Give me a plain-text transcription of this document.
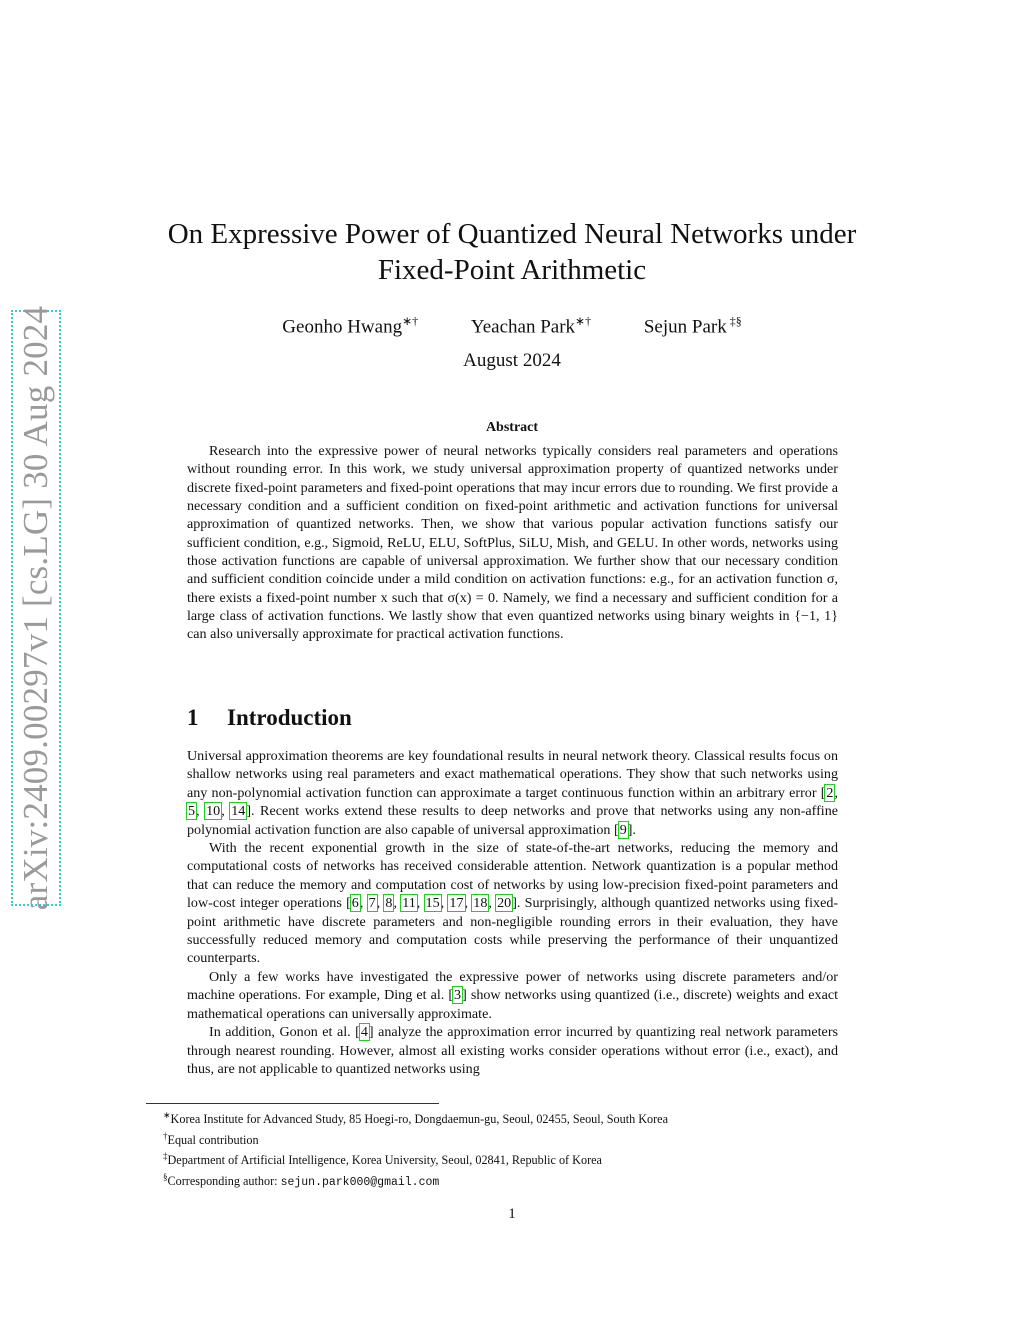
arXiv:2409.00297v1 [cs.LG] 30 Aug 2024
On Expressive Power of Quantized Neural Networks under Fixed-Point Arithmetic
Geonho Hwang∗†	Yeachan Park∗†	Sejun Park ‡§
August 2024
Abstract

Research into the expressive power of neural networks typically considers real parameters and operations without rounding error. In this work, we study universal approximation property of quantized networks under discrete fixed-point parameters and fixed-point operations that may incur errors due to rounding. We first provide a necessary condition and a sufficient condition on fixed-point arithmetic and activation functions for universal approximation of quantized networks. Then, we show that various popular activation functions satisfy our sufficient condition, e.g., Sigmoid, ReLU, ELU, SoftPlus, SiLU, Mish, and GELU. In other words, networks using those activation functions are capable of universal approximation. We further show that our necessary condition and sufficient condition coincide under a mild condition on activation functions: e.g., for an activation function σ, there exists a fixed-point number x such that σ(x) = 0. Namely, we find a necessary and sufficient condition for a large class of activation functions. We lastly show that even quantized networks using binary weights in {−1, 1} can also universally approximate for practical activation functions.

1 Introduction

Universal approximation theorems are key foundational results in neural network theory. Classical results focus on shallow networks using real parameters and exact mathematical operations. They show that such networks using any non-polynomial activation function can approximate a target continuous function within an arbitrary error [2, 5, 10, 14]. Recent works extend these results to deep networks and prove that networks using any non-affine polynomial activation function are also capable of universal approximation [9].

With the recent exponential growth in the size of state-of-the-art networks, reducing the memory and computational costs of networks has received considerable attention. Network quantization is a popular method that can reduce the memory and computation cost of networks by using low-precision fixed-point parameters and low-cost integer operations [6, 7, 8, 11, 15, 17, 18, 20]. Surprisingly, although quantized networks using fixed-point arithmetic have discrete parameters and non-negligible rounding errors in their evaluation, they have successfully reduced memory and computation costs while preserving the performance of their unquantized counterparts.

Only a few works have investigated the expressive power of networks using discrete parameters and/or machine operations. For example, Ding et al. [3] show networks using quantized (i.e., discrete) weights and exact mathematical operations can universally approximate.

In addition, Gonon et al. [4] analyze the approximation error incurred by quantizing real network parameters through nearest rounding. However, almost all existing works consider operations without error (i.e., exact), and thus, are not applicable to quantized networks using

∗Korea Institute for Advanced Study, 85 Hoegi-ro, Dongdaemun-gu, Seoul, 02455, Seoul, South Korea
†Equal contribution
‡Department of Artificial Intelligence, Korea University, Seoul, 02841, Republic of Korea
§Corresponding author: sejun.park000@gmail.com
1
